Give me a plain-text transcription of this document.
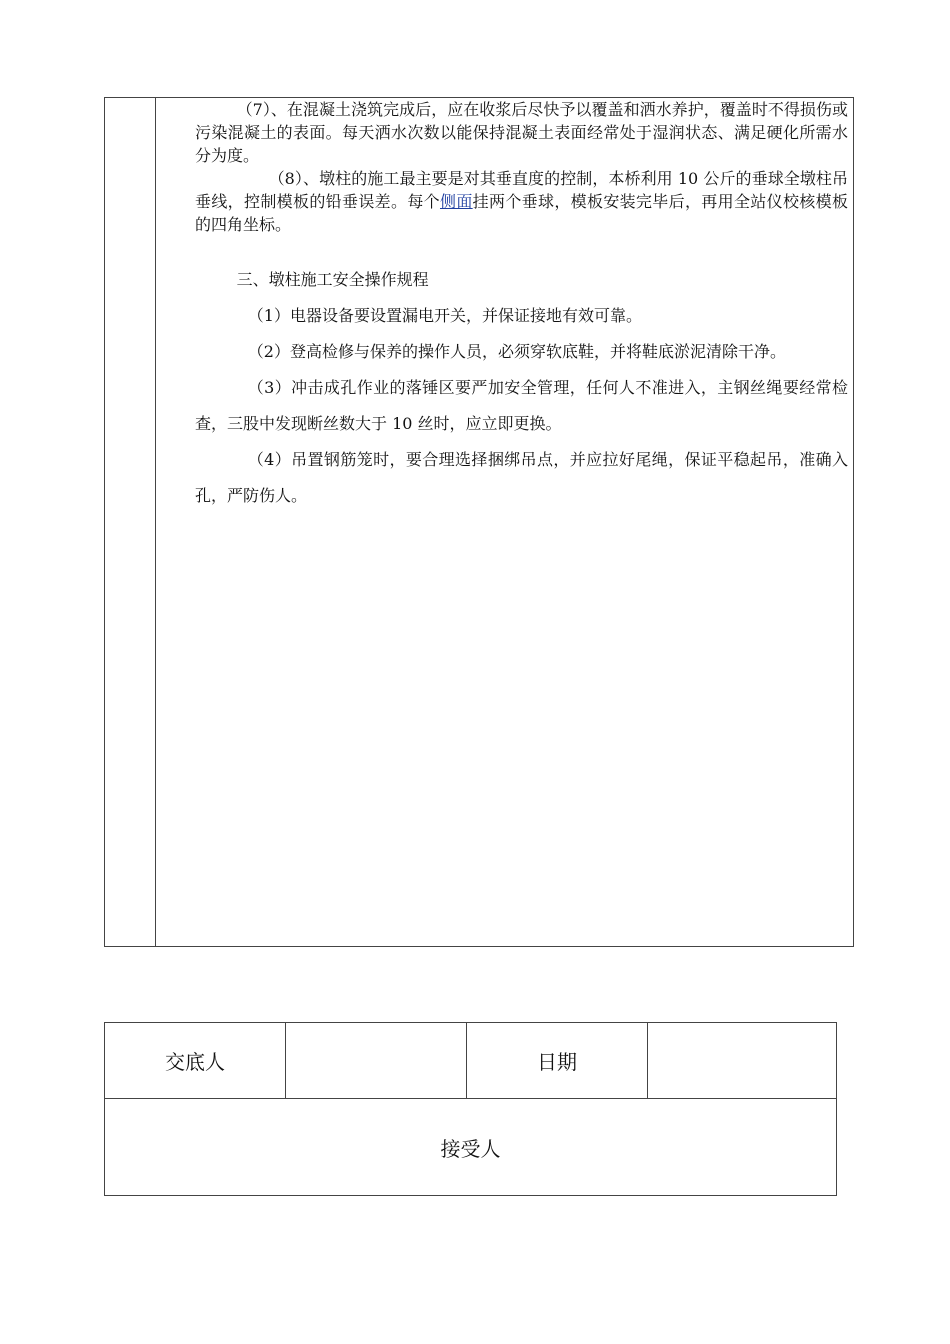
（7）、在混凝土浇筑完成后，应在收浆后尽快予以覆盖和洒水养护，覆盖时不得损伤或污染混凝土的表面。每天洒水次数以能保持混凝土表面经常处于湿润状态、满足硬化所需水分为度。

（8）、墩柱的施工最主要是对其垂直度的控制，本桥利用 10 公斤的垂球全墩柱吊垂线，控制模板的铅垂误差。每个侧面挂两个垂球，模板安装完毕后，再用全站仪校核模板的四角坐标。

三、墩柱施工安全操作规程

（1）电器设备要设置漏电开关，并保证接地有效可靠。

（2）登高检修与保养的操作人员，必须穿软底鞋，并将鞋底淤泥清除干净。

（3）冲击成孔作业的落锤区要严加安全管理，任何人不准进入，主钢丝绳要经常检查，三股中发现断丝数大于 10 丝时，应立即更换。

（4）吊置钢筋笼时，要合理选择捆绑吊点，并应拉好尾绳，保证平稳起吊，准确入孔，严防伤人。

交底人	日期
接受人
